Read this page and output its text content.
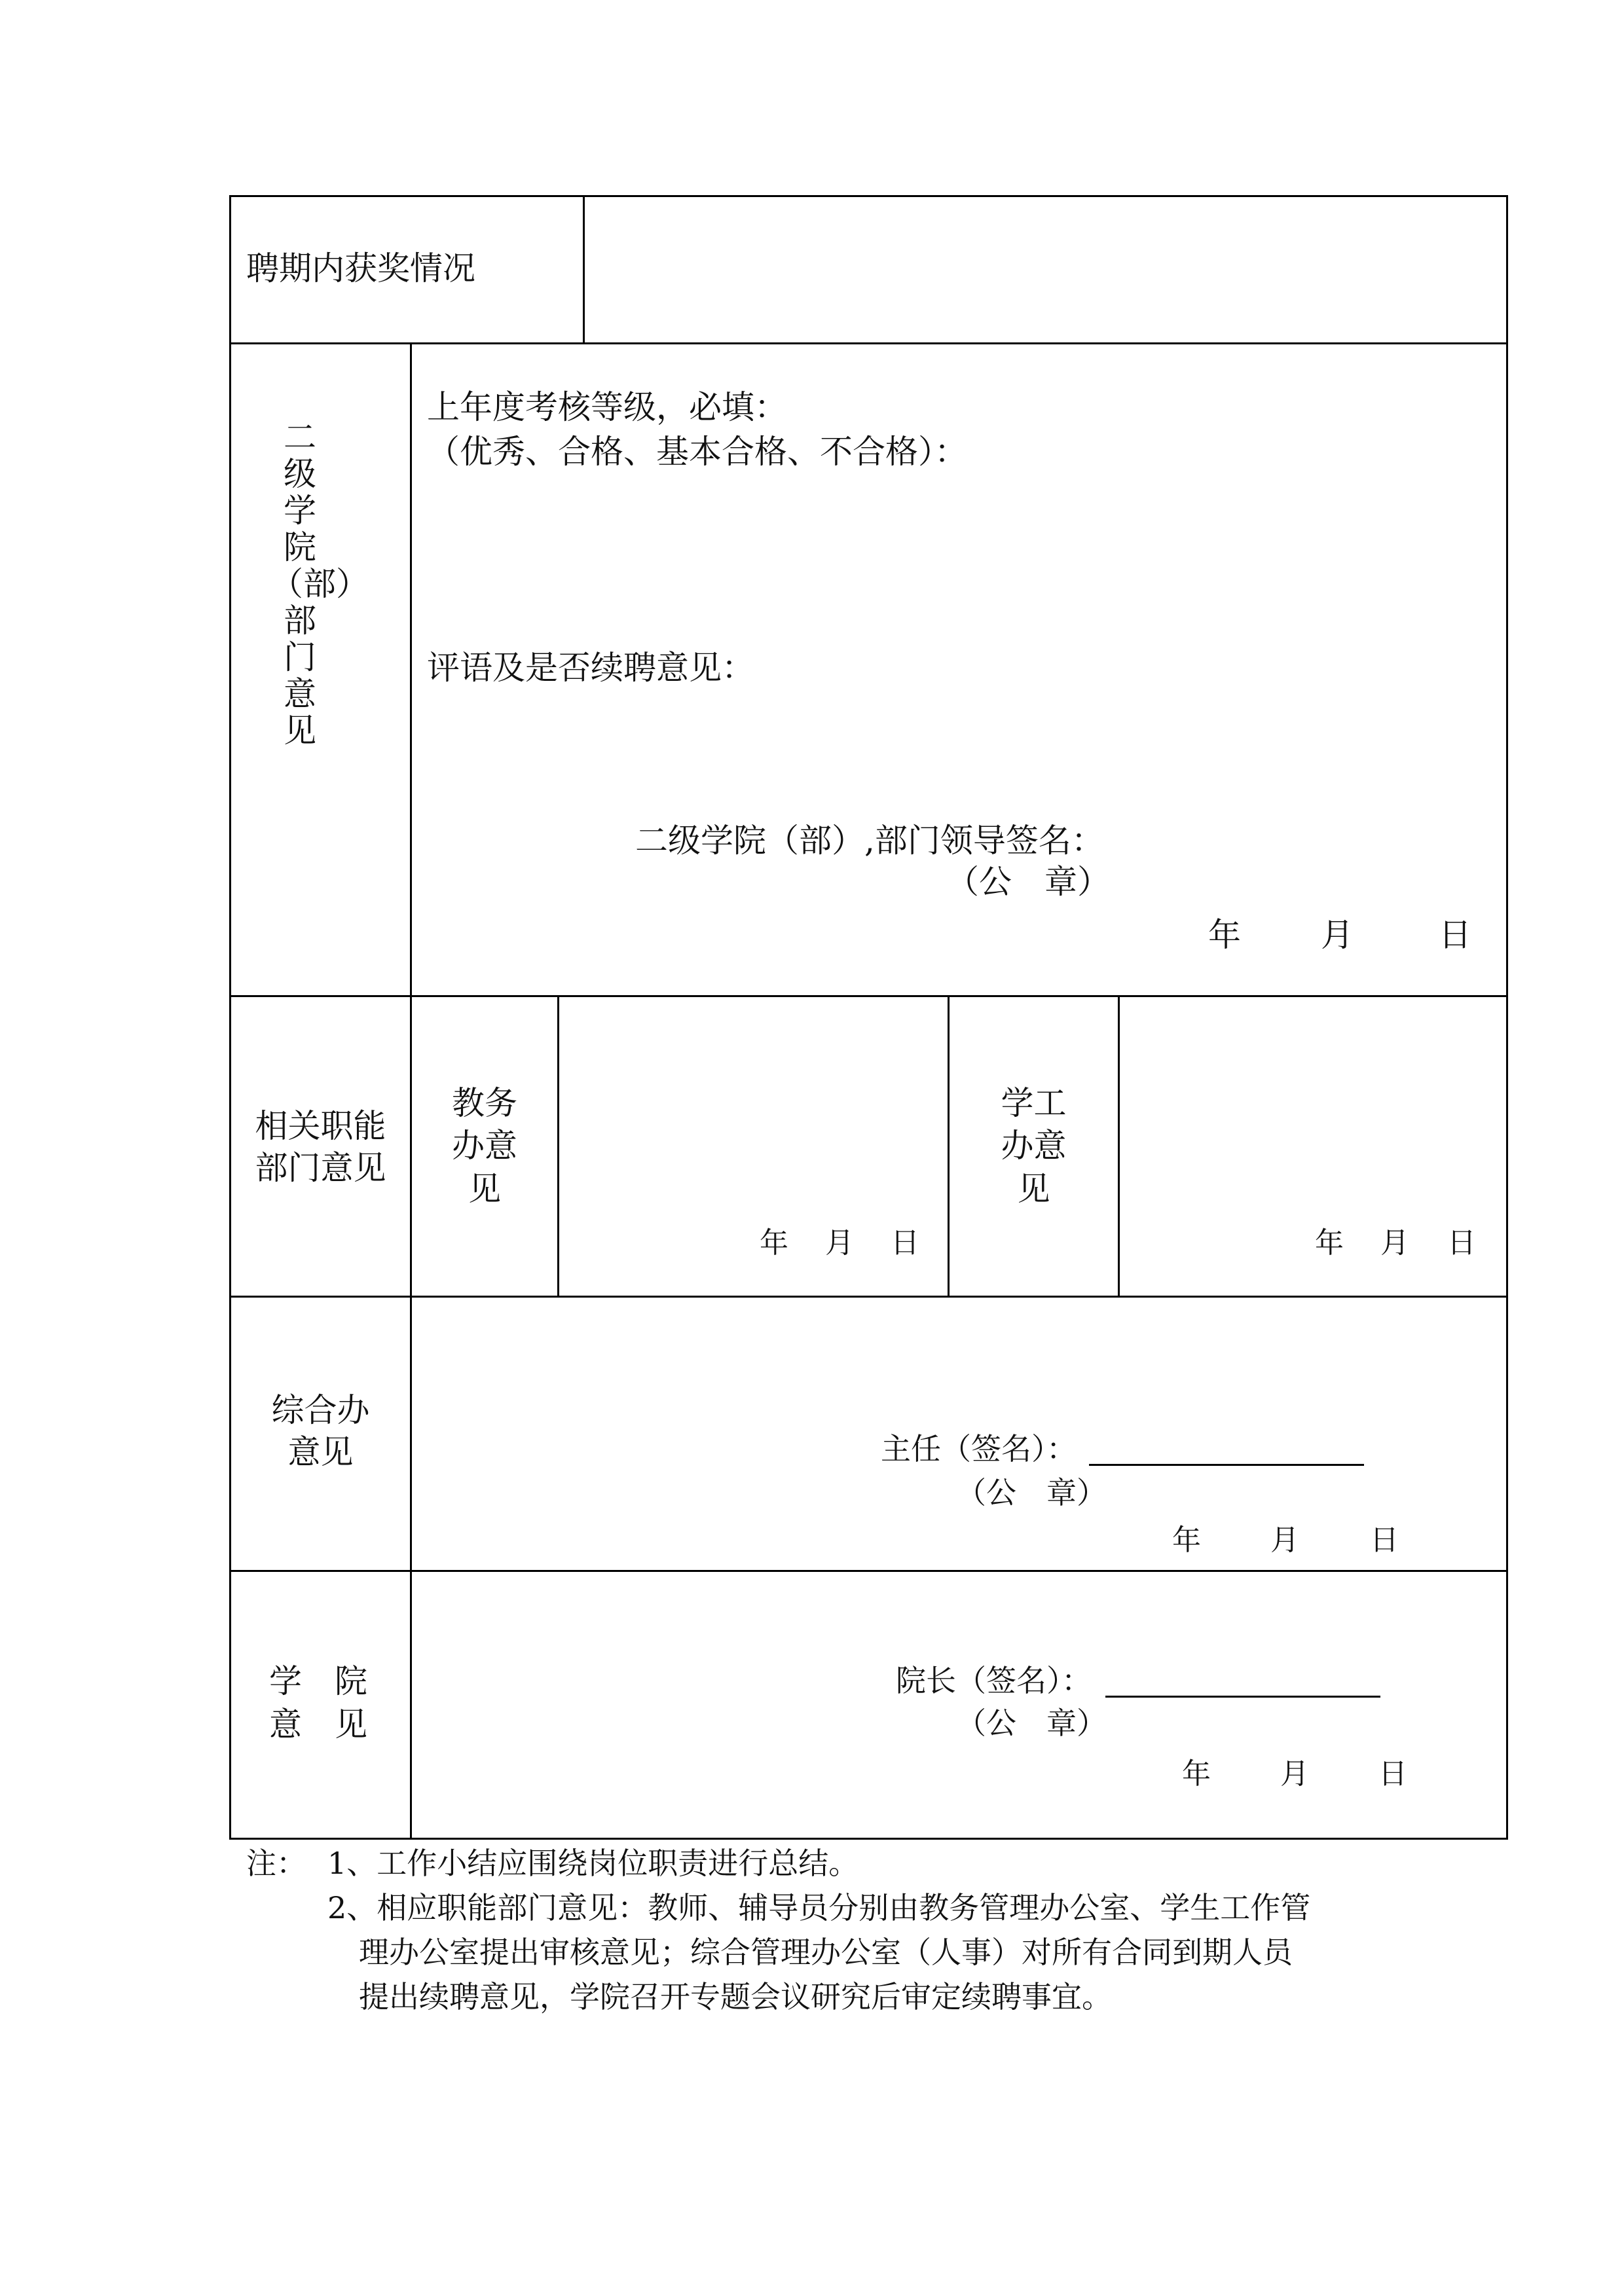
聘期内获奖情况
二级学院（部）部门意见
上年度考核等级，必填：
（优秀、合格、基本合格、不合格）：
评语及是否续聘意见：
二级学院（部）,部门领导签名：
（公　章）
年 月	日
相关职能
部门意见
教务
办意
见
年 月 日
学工
办意
见
年 月 日
综合办
意见	主任（签名）：
（公　章）
年 月 日
学　院
意　见
院长（签名）：
（公　章）
年 月 日
注： 1、工作小结应围绕岗位职责进行总结。
2、相应职能部门意见：教师、辅导员分别由教务管理办公室、学生工作管
理办公室提出审核意见；综合管理办公室（人事）对所有合同到期人员
提出续聘意见，学院召开专题会议研究后审定续聘事宜。
